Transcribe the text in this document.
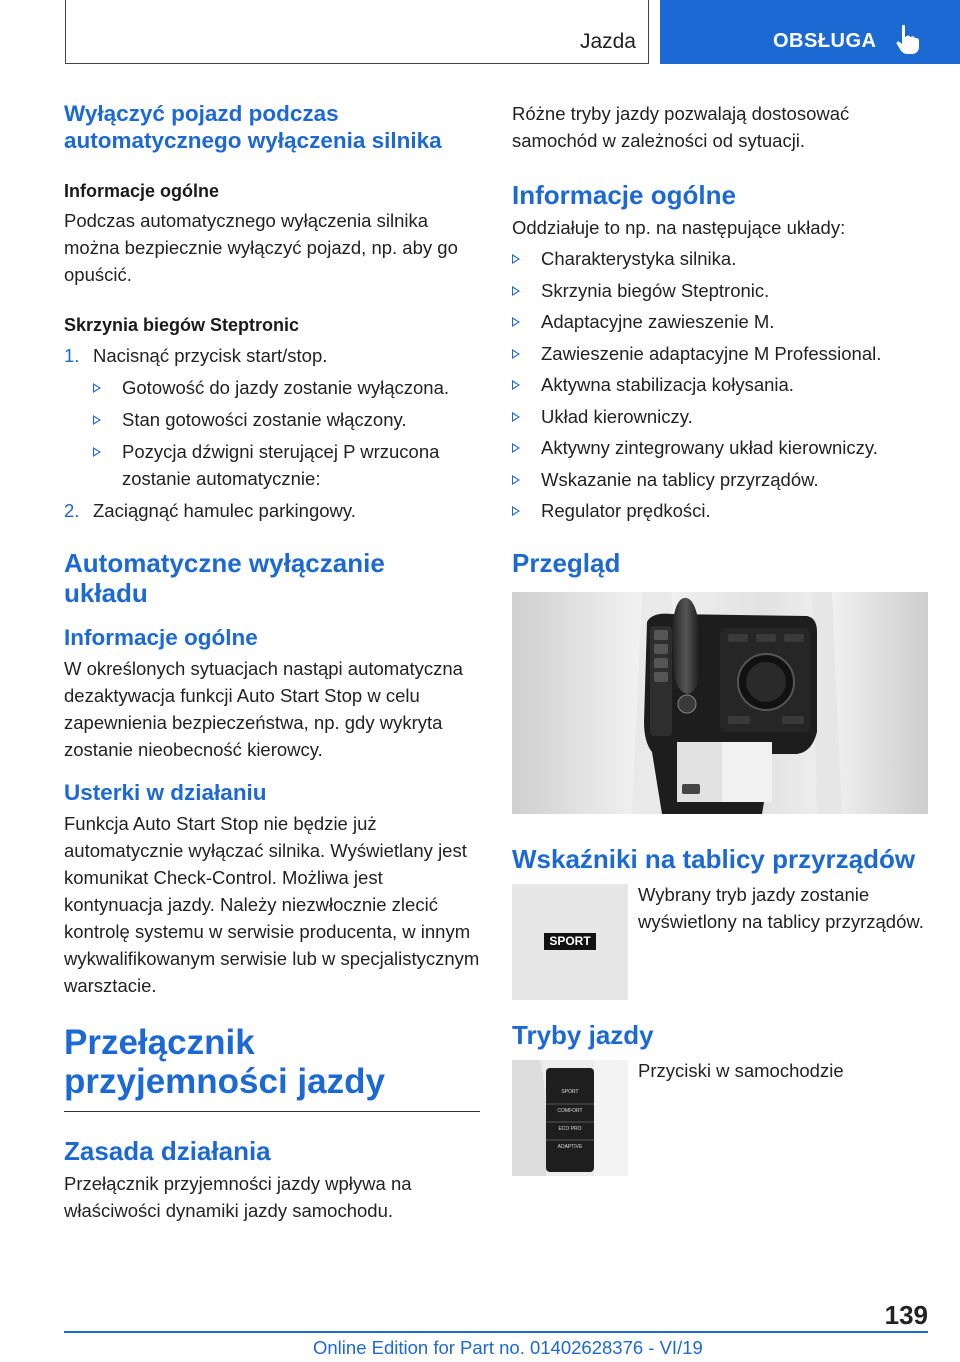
Jazda	OBSŁUGA
Wyłączyć pojazd podczas automatycznego wyłączenia silnika
Informacje ogólne

Podczas automatycznego wyłączenia silnika można bezpiecznie wyłączyć pojazd, np. aby go opuścić.

Skrzynia biegów Steptronic
1. Nacisnąć przycisk start/stop.
Gotowość do jazdy zostanie wyłączona.
Stan gotowości zostanie włączony.
Pozycja dźwigni sterującej P wrzucona zostanie automatycznie:
2. Zaciągnąć hamulec parkingowy.
Automatyczne wyłączanie układu
Informacje ogólne

W określonych sytuacjach nastąpi automatyczna dezaktywacja funkcji Auto Start Stop w celu zapewnienia bezpieczeństwa, np. gdy wykryta zostanie nieobecność kierowcy.

Usterki w działaniu

Funkcja Auto Start Stop nie będzie już automatycznie wyłączać silnika. Wyświetlany jest komunikat Check-Control. Możliwa jest kontynuacja jazdy. Należy niezwłocznie zlecić kontrolę systemu w serwisie producenta, w innym wykwalifikowanym serwisie lub w specjalistycznym warsztacie.

Przełącznik przyjemności jazdy
Zasada działania

Przełącznik przyjemności jazdy wpływa na właściwości dynamiki jazdy samochodu.

Różne tryby jazdy pozwalają dostosować samochód w zależności od sytuacji.

Informacje ogólne

Oddziałuje to np. na następujące układy:

Charakterystyka silnika.
Skrzynia biegów Steptronic.
Adaptacyjne zawieszenie M.
Zawieszenie adaptacyjne M Professional.
Aktywna stabilizacja kołysania.
Układ kierowniczy.
Aktywny zintegrowany układ kierowniczy.
Wskazanie na tablicy przyrządów.
Regulator prędkości.
Przegląd
Wskaźniki na tablicy przyrządów
SPORT

Wybrany tryb jazdy zostanie wyświetlony na tablicy przyrządów.

Tryby jazdy
SPORT
COMFORT
ECO PRO
ADAPTIVE

Przyciski w samochodzie

139
Online Edition for Part no. 01402628376 - VI/19
